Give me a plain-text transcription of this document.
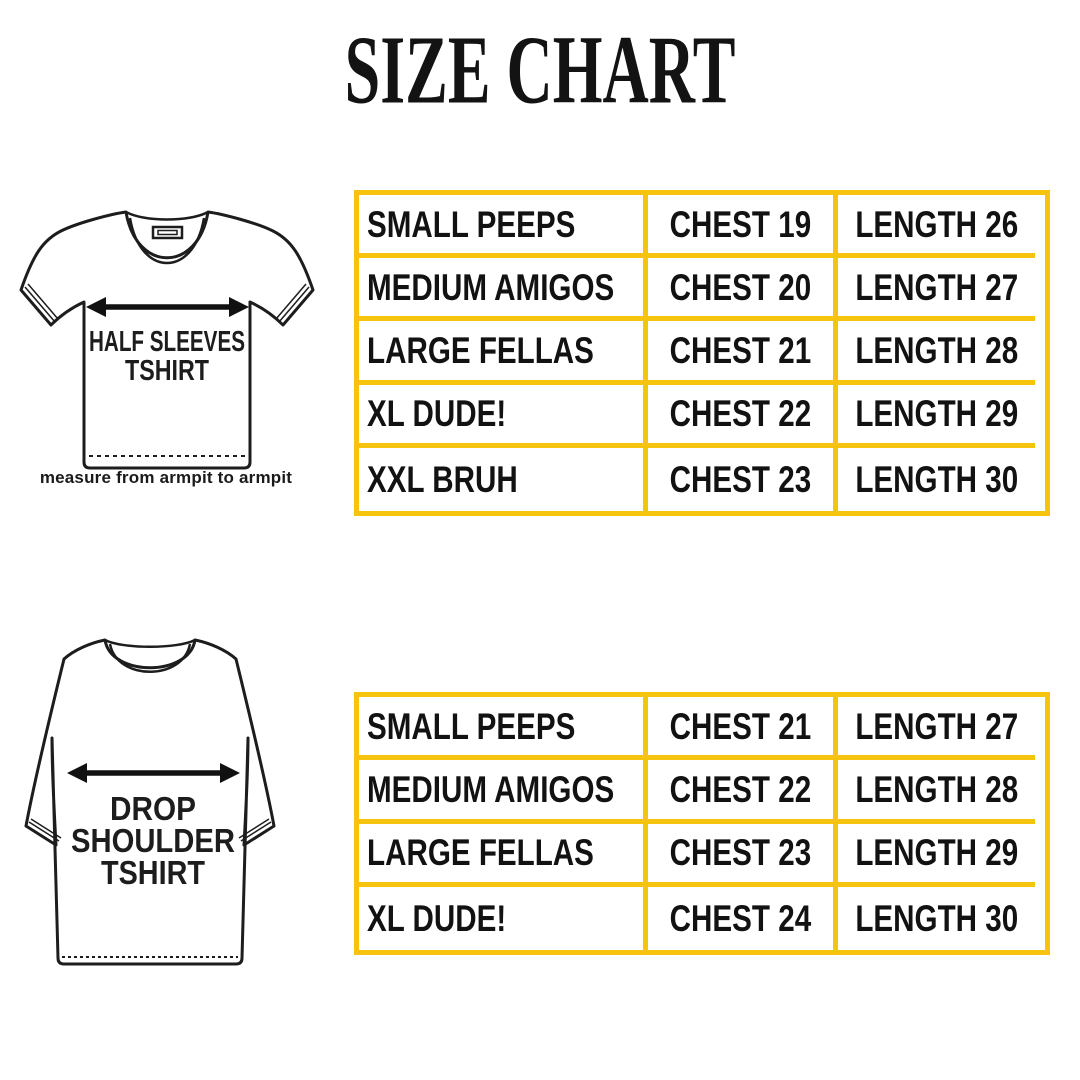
SIZE CHART
HALF SLEEVES
TSHIRT
measure from armpit to armpit
SMALL PEEPS	CHEST 19 LENGTH 26
MEDIUM AMIGOS CHEST 20 LENGTH 27
LARGE FELLAS CHEST 21 LENGTH 28
XL DUDE!	CHEST 22 LENGTH 29
XXL BRUH	CHEST 23 LENGTH 30
DROP
SHOULDER
TSHIRT
SMALL PEEPS	CHEST 21 LENGTH 27
MEDIUM AMIGOS CHEST 22 LENGTH 28
LARGE FELLAS CHEST 23 LENGTH 29
XL DUDE!	CHEST 24 LENGTH 30
